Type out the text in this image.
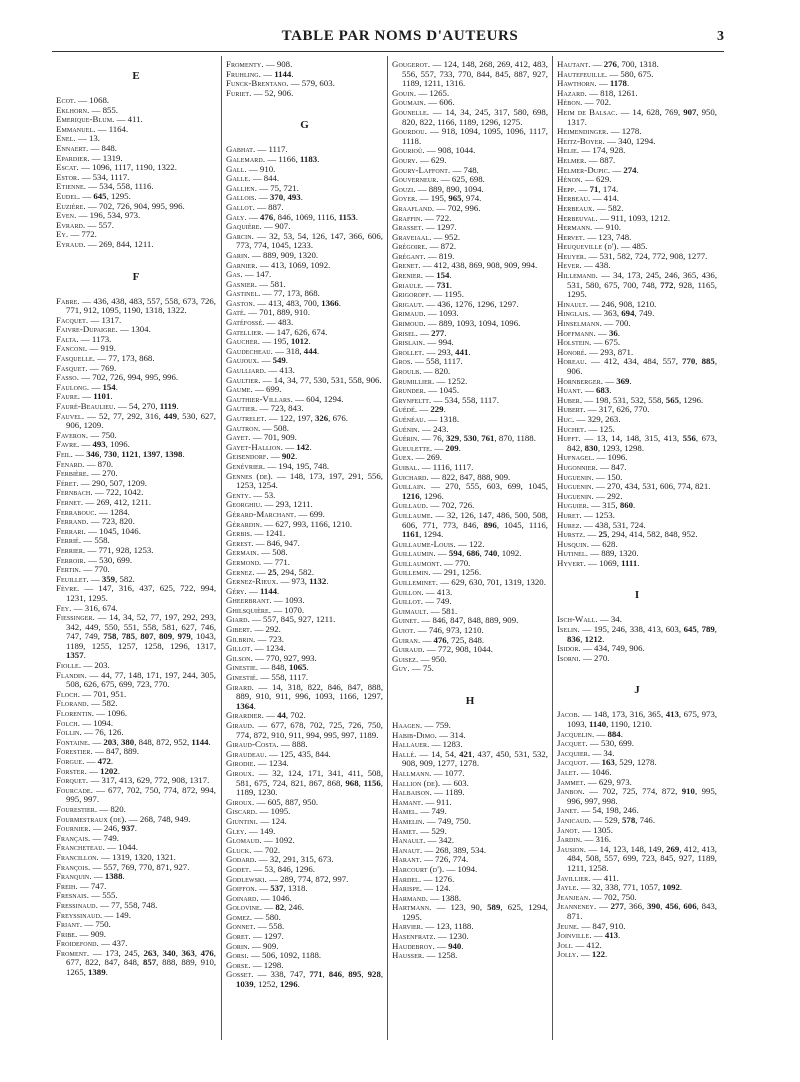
TABLE PAR NOMS D'AUTEURS	3
E
Ecot. — 1068.
Eklhorn. — 855.
Emerique-Blum. — 411.
Emmanuel. — 1164.
Enel. — 13.
Ennaert. — 848.
Epardier. — 1319.
Escat. — 1096, 1117, 1190, 1322.
Estor. — 534, 1117.
Etienne. — 534, 558, 1116.
Eudel. — 645, 1295.
Euzière. — 702, 726, 904, 995, 996.
Even. — 196, 534, 973.
Evrard. — 557.
Ey. — 772.
Eyraud. — 269, 844, 1211.
F
Fabre. — 436, 438, 483, 557, 558, 673, 726, 771, 912, 1095, 1190, 1318, 1322.
Facquet. — 1317.
Faivre-Dupaigre. — 1304.
Falta. — 1173.
Fanconi. — 919.
Fasquelle. — 77, 173, 868.
Fasquet. — 769.
Fasso. — 702, 726, 994, 995, 996.
Faulong. — 154.
Faure. — 1101.
Fauré-Beaulieu. — 54, 270, 1119.
Fauvel. — 52, 77, 292, 316, 449, 530, 627, 906, 1209.
Faveron. — 750.
Favre. — 493, 1096.
Feil. — 346, 730, 1121, 1397, 1398.
Fenard. — 870.
Ferbière. — 270.
Féret. — 290, 507, 1209.
Fernbach. — 722, 1042.
Fernet. — 269, 412, 1211.
Ferrabouc. — 1284.
Ferrand. — 723, 820.
Ferrari. — 1045, 1046.
Ferrié. — 558.
Ferrier. — 771, 928, 1253.
Ferroir. — 530, 699.
Fertin. — 770.
Feuillet. — 359, 582.
Fèvre. — 147, 316, 437, 625, 722, 994, 1231, 1295.
Fey. — 316, 674.
Fiessinger. — 14, 34, 52, 77, 197, 292, 293, 342, 449, 550, 551, 558, 581, 627, 746, 747, 749, 758, 785, 807, 809, 979, 1043, 1189, 1255, 1257, 1258, 1296, 1317, 1357.
Fiolle. — 203.
Flandin. — 44, 77, 148, 171, 197, 244, 305, 508, 626, 675, 699, 723, 770.
Floch. — 701, 951.
Florand. — 582.
Florentin. — 1096.
Folch. — 1094.
Follin. — 76, 126.
Fontaine. — 203, 380, 848, 872, 952, 1144.
Forestier. — 847, 889.
Forgue. — 472.
Forster. — 1202.
Forquet. — 317, 413, 629, 772, 908, 1317.
Fourcade. — 677, 702, 750, 774, 872, 994, 995, 997.
Fourestier. — 820.
Fourmestraux (de). — 268, 748, 949.
Fournier. — 246, 937.
Français. — 749.
Francheteau. — 1044.
Francillon. — 1319, 1320, 1321.
François. — 557, 769, 770, 871, 927.
Franquin. — 1388.
Freih. — 747.
Fresnais. — 555.
Fressinaud. — 77, 558, 748.
Freyssinaud. — 149.
Friant. — 750.
Fribe. — 909.
Froidefond. — 437.
Froment. — 173, 245, 263, 340, 363, 476, 677, 822, 847, 848, 857, 888, 889, 910, 1265, 1389.
Fromenty. — 908.
Fruhling. — 1144.
Funck-Brentano. — 579, 603.
Furiet. — 52, 906.
G
Gabhat. — 1117.
Galemard. — 1166, 1183.
Gall. — 910.
Galle. — 844.
Gallien. — 75, 721.
Gallois. — 370, 493.
Gallot. — 887.
Galy. — 476, 846, 1069, 1116, 1153.
Gaquière. — 907.
Garcin. — 32, 53, 54, 126, 147, 366, 606, 773, 774, 1045, 1233.
Garin. — 889, 909, 1320.
Garnier. — 413, 1069, 1092.
Gas. — 147.
Gasnier. — 581.
Gastinel. — 77, 173, 868.
Gaston. — 413, 483, 700, 1366.
Gaté. — 701, 889, 910.
Gatéfossé. — 483.
Gatellier. — 147, 626, 674.
Gaucher. — 195, 1012.
Gaudecheau. — 318, 444.
Gaujoux. — 549.
Gaulliard. — 413.
Gaultier. — 14, 34, 77, 530, 531, 558, 906.
Gaume. — 699.
Gauthier-Villars. — 604, 1294.
Gautier. — 723, 843.
Gautrelet. — 122, 197, 326, 676.
Gautron. — 508.
Gayet. — 701, 909.
Gayet-Hallion. — 142.
Geisendorf. — 902.
Genévrier. — 194, 195, 748.
Gennes (de). — 148, 173, 197, 291, 556, 1253, 1254.
Genty. — 53.
Georghiu. — 293, 1211.
Gérard-Marchant. — 699.
Gérardin. — 627, 993, 1166, 1210.
Gerbis. — 1241.
Gerest. — 846, 947.
Germain. — 508.
Germond. — 771.
Gernez. — 25, 294, 582.
Gernez-Rieux. — 973, 1132.
Géry. — 1144.
Gheerbrant. — 1093.
Ghilsquière. — 1070.
Giard. — 557, 845, 927, 1211.
Gibert. — 292.
Gilbrin. — 723.
Gillot. — 1234.
Gilson. — 770, 927, 993.
Ginestie. — 848, 1065.
Ginestié. — 558, 1117.
Girard. — 14, 318, 822, 846, 847, 888, 889, 910, 911, 996, 1093, 1166, 1297, 1364.
Girardier. — 44, 702.
Giraud. — 677, 678, 702, 725, 726, 750, 774, 872, 910, 911, 994, 995, 997, 1189.
Giraud-Costa. — 888.
Giraudeau. — 125, 435, 844.
Girodie. — 1234.
Giroux. — 32, 124, 171, 341, 411, 508, 581, 675, 724, 821, 867, 868, 968, 1156, 1189, 1230.
Giroux. — 605, 887, 950.
Giscard. — 1095.
Giuntini. — 124.
Gley. — 149.
Glomaud. — 1092.
Gluck. — 702.
Godard. — 32, 291, 315, 673.
Godet. — 53, 846, 1296.
Godlewski. — 289, 774, 872, 997.
Goiffon. — 537, 1318.
Goinard. — 1046.
Golovine. — 82, 246.
Gomez. — 580.
Gonnet. — 558.
Goret. — 1297.
Gorin. — 909.
Gorsi. — 506, 1092, 1188.
Gorse. — 1298.
Gosset. — 338, 747, 771, 846, 895, 928, 1039, 1252, 1296.
Gougerot. — 124, 148, 268, 269, 412, 483, 556, 557, 733, 770, 844, 845, 887, 927, 1189, 1211, 1316.
Gouin. — 1265.
Goumain. — 606.
Gounelle. — 14, 34, 245, 317, 580, 698, 820, 822, 1166, 1189, 1296, 1275.
Gourdou. — 918, 1094, 1095, 1096, 1117, 1118.
Gourioù. — 908, 1044.
Goury. — 629.
Goury-Laffont. — 748.
Gouverneur. — 625, 698.
Gouzi. — 889, 890, 1094.
Goyer. — 195, 965, 974.
Graafland. — 702, 996.
Graffin. — 722.
Grasset. — 1297.
Graveiaal. — 952.
Grégoire. — 872.
Grégant. — 819.
Grenet. — 412, 438, 869, 908, 909, 994.
Grenier. — 154.
Griaule. — 731.
Grigoroff. — 1195.
Grigaut. — 436, 1276, 1296, 1297.
Grimaud. — 1093.
Grimoud. — 889, 1093, 1094, 1096.
Grisel. — 277.
Grislain. — 994.
Grollet. — 293, 441.
Gros. — 558, 1117.
Groulb. — 820.
Grumillier. — 1252.
Grunder. — 1045.
Grynfeltt. — 534, 558, 1117.
Guédé. — 229.
Guénéau. — 1318.
Guénin. — 243.
Guérin. — 76, 329, 530, 761, 870, 1188.
Gueulette. — 209.
Guex. — 269.
Guibal. — 1116, 1117.
Guichard. — 822, 847, 888, 909.
Guillain. — 270, 555, 603, 699, 1045, 1216, 1296.
Guillaud. — 702, 726.
Guillaume. — 32, 126, 147, 486, 500, 508, 606, 771, 773, 846, 896, 1045, 1116, 1161, 1294.
Guillaume-Louis. — 122.
Guillaumin. — 594, 686, 740, 1092.
Guillaumont. — 770.
Guillemin. — 291, 1256.
Guilleminet. — 629, 630, 701, 1319, 1320.
Guillon. — 413.
Guillot. — 749.
Guimault. — 581.
Guinet. — 846, 847, 848, 889, 909.
Guiot. — 746, 973, 1210.
Guiran. — 476, 725, 848.
Guiraud. — 772, 908, 1044.
Guisez. — 950.
Guy. — 75.
H
Haagen. — 759.
Habib-Dimo. — 314.
Hallauer. — 1283.
Hallé. — 14, 54, 421, 437, 450, 531, 532, 908, 909, 1277, 1278.
Hallmann. — 1077.
Hallion (de). — 603.
Halbaison. — 1189.
Hamant. — 911.
Hamel. — 749.
Hamelin. — 749, 750.
Hamet. — 529.
Hanault. — 342.
Hanaut. — 268, 389, 534.
Harant. — 726, 774.
Harcourt (d'). — 1094.
Hardel. — 1276.
Harispe. — 124.
Harmand. — 1388.
Hartmann. — 123, 90, 589, 625, 1294, 1295.
Harvier. — 123, 1188.
Hasenfratz. — 1230.
Haudebroy. — 940.
Hausser. — 1258.
Hautant. — 276, 700, 1318.
Hautefeuille. — 580, 675.
Hawthorn. — 1178.
Hazard. — 818, 1261.
Hébon. — 702.
Heim de Balsac. — 14, 628, 769, 907, 950, 1317.
Heimendinger. — 1278.
Heitz-Boyer. — 340, 1294.
Helie. — 174, 928.
Helmer. — 887.
Helmer-Dupic. — 274.
Hénon. — 629.
Hepp. — 71, 174.
Herbeau. — 414.
Herbeaux. — 582.
Herbeuval. — 911, 1093, 1212.
Hermann. — 910.
Hervet. — 123, 748.
Heuqueville (d'). — 485.
Heuyer. — 531, 582, 724, 772, 908, 1277.
Hever. — 438.
Hillemand. — 34, 173, 245, 246, 365, 436, 531, 580, 675, 700, 748, 772, 928, 1165, 1295.
Hinault. — 246, 908, 1210.
Hinglais. — 363, 694, 749.
Hinselmann. — 700.
Hoffmann. — 36.
Holstein. — 675.
Honoré. — 293, 871.
Horeau. — 412, 434, 484, 557, 770, 885, 906.
Hornberger. — 369.
Huant. — 683.
Huber. — 198, 531, 532, 558, 565, 1296.
Hubert. — 317, 626, 770.
Huc. — 329, 263.
Huchet. — 125.
Hufft. — 13, 14, 148, 315, 413, 556, 673, 842, 830, 1293, 1298.
Hufnagel. — 1096.
Hugonnier. — 847.
Huguenin. — 150.
Huguenin. — 270, 434, 531, 606, 774, 821.
Huguenin. — 292.
Huguier. — 315, 860.
Huret. — 1253.
Hurez. — 438, 531, 724.
Hurstz. — 25, 294, 414, 582, 848, 952.
Husquin. — 628.
Hutinel. — 889, 1320.
Hyvert. — 1069, 1111.
I
Isch-Wall. — 34.
Iselin. — 195, 246, 338, 413, 603, 645, 789, 836, 1212.
Isidor. — 434, 749, 906.
Isorni. — 270.
J
Jacob. — 148, 173, 316, 365, 413, 675, 973, 1093, 1140, 1190, 1210.
Jacquelin. — 884.
Jacquet. — 530, 699.
Jacquier. — 34.
Jacquot. — 163, 529, 1278.
Jalet. — 1046.
Jammet. — 629, 973.
Janbon. — 702, 725, 774, 872, 910, 995, 996, 997, 998.
Janet. — 54, 198, 246.
Janicaud. — 529, 578, 746.
Janot. — 1305.
Jardin. — 316.
Jausion. — 14, 123, 148, 149, 269, 412, 413, 484, 508, 557, 699, 723, 845, 927, 1189, 1211, 1258.
Javillier. — 411.
Jayle. — 32, 338, 771, 1057, 1092.
Jeanjean. — 702, 750.
Jeanneney. — 277, 366, 390, 456, 606, 843, 871.
Jeune. — 847, 910.
Joinville. — 413.
Joli. — 412.
Jolly. — 122.
